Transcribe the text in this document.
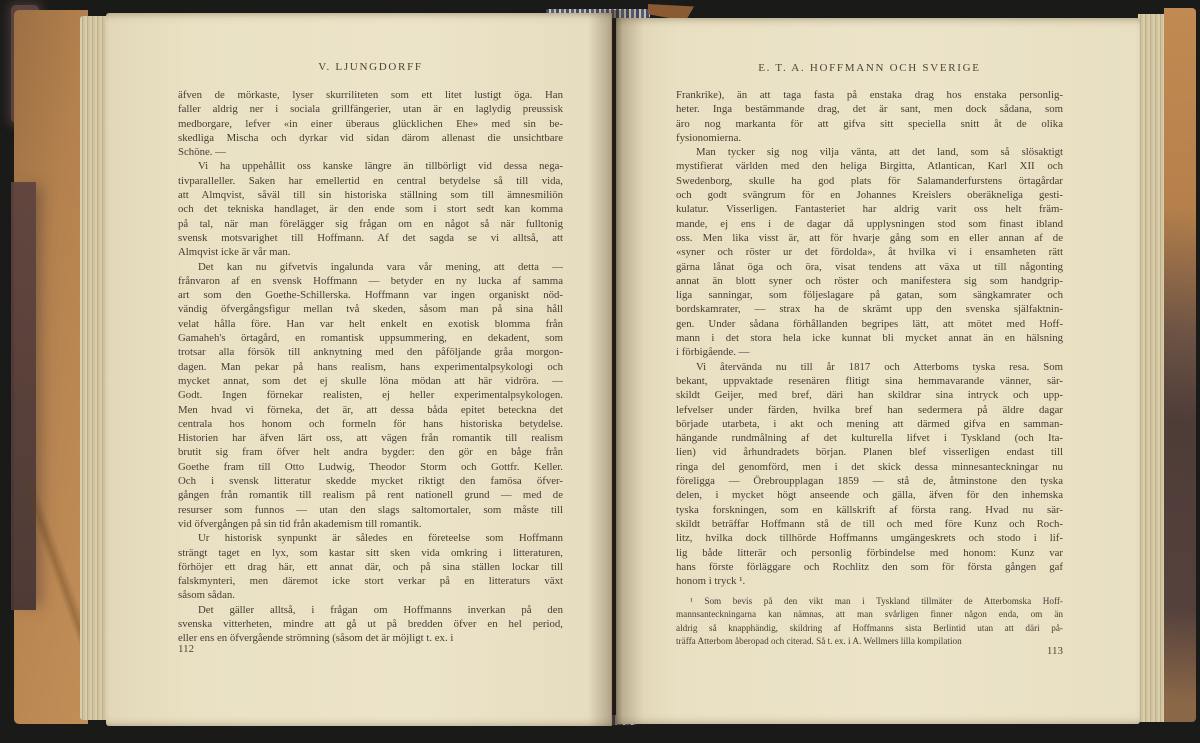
V. LJUNGDORFF
äfven de mörkaste, lyser skurriliteten som ett litet lustigt öga. Han
faller aldrig ner i sociala grillfängerier, utan är en laglydig preussisk
medborgare, lefver «in einer überaus glücklichen Ehe» med sin be-
skedliga Mischa och dyrkar vid sidan därom allenast die unsichtbare
Schöne. —
Vi ha uppehållit oss kanske längre än tillbörligt vid dessa nega-
tivparalleller. Saken har emellertid en central betydelse så till vida,
att Almqvist, såväl till sin historiska ställning som till ämnesmiliön
och det tekniska handlaget, är den ende som i stort sedt kan komma
på tal, när man förelägger sig frågan om en något så när fulltonig
svensk motsvarighet till Hoffmann. Af det sagda se vi alltså, att
Almqvist icke är vår man.
Det kan nu gifvetvis ingalunda vara vår mening, att detta —
frånvaron af en svensk Hoffmann — betyder en ny lucka af samma
art som den Goethe-Schillerska. Hoffmann var ingen organiskt nöd-
vändig öfvergångsfigur mellan två skeden, såsom man på sina håll
velat hålla före. Han var helt enkelt en exotisk blomma från
Gamaheh's örtagård, en romantisk uppsummering, en dekadent, som
trotsar alla försök till anknytning med den påföljande gråa morgon-
dagen. Man pekar på hans realism, hans experimentalpsykologi och
mycket annat, som det ej skulle löna mödan att här vidröra. —
Godt. Ingen förnekar realisten, ej heller experimentalpsykologen.
Men hvad vi förneka, det är, att dessa båda epitet beteckna det
centrala hos honom och formeln för hans historiska betydelse.
Historien har äfven lärt oss, att vägen från romantik till realism
brutit sig fram öfver helt andra bygder: den gör en båge från
Goethe fram till Otto Ludwig, Theodor Storm och Gottfr. Keller.
Och i svensk litteratur skedde mycket riktigt den famösa öfver-
gången från romantik till realism på rent nationell grund — med de
resurser som funnos — utan den slags saltomortaler, som måste till
vid öfvergången på sin tid från akademism till romantik.
Ur historisk synpunkt är således en företeelse som Hoffmann
strängt taget en lyx, som kastar sitt sken vida omkring i litteraturen,
förhöjer ett drag här, ett annat där, och på sina ställen lockar till
falskmynteri, men däremot icke stort verkar på en litteraturs växt
såsom sådan.
Det gäller alltså, i frågan om Hoffmanns inverkan på den
svenska vitterheten, mindre att gå ut på bredden öfver en hel period,
eller ens en öfvergående strömning (såsom det är möjligt t. ex. i
112
E. T. A. HOFFMANN OCH SVERIGE
Frankrike), än att taga fasta på enstaka drag hos enstaka personlig-
heter. Inga bestämmande drag, det är sant, men dock sådana, som
äro nog markanta för att gifva sitt speciella snitt åt de olika
fysionomierna.
Man tycker sig nog vilja vänta, att det land, som så slösaktigt
mystifierat världen med den heliga Birgitta, Atlantican, Karl XII och
Swedenborg, skulle ha god plats för Salamanderfurstens örtagårdar
och godt svängrum för en Johannes Kreislers oberäkneliga gesti-
kulatur. Visserligen. Fantasteriet har aldrig varit oss helt främ-
mande, ej ens i de dagar då upplysningen stod som finast ibland
oss. Men lika visst är, att för hvarje gång som en eller annan af de
«syner och röster ur det fördolda», åt hvilka vi i ensamheten rätt
gärna lånat öga och öra, visat tendens att växa ut till någonting
annat än blott syner och röster och manifestera sig som handgrip-
liga sanningar, som följeslagare på gatan, som sängkamrater och
bordskamrater, — strax ha de skrämt upp den svenska själfaktnin-
gen. Under sådana förhållanden begripes lätt, att mötet med Hoff-
mann i det stora hela icke kunnat bli mycket annat än en hälsning
i förbigående. —
Vi återvända nu till år 1817 och Atterboms tyska resa. Som
bekant, uppvaktade resenären flitigt sina hemmavarande vänner, sär-
skildt Geijer, med bref, däri han skildrar sina intryck och upp-
lefvelser under färden, hvilka bref han sedermera på äldre dagar
började utarbeta, i akt och mening att därmed gifva en samman-
hängande rundmålning af det kulturella lifvet i Tyskland (och Ita-
lien) vid århundradets början. Planen blef visserligen endast till
ringa del genomförd, men i det skick dessa minnesanteckningar nu
föreligga — Örebroupplagan 1859 — stå de, åtminstone den tyska
delen, i mycket högt anseende och gälla, äfven för den inhemska
tyska forskningen, som en källskrift af första rang. Hvad nu sär-
skildt beträffar Hoffmann stå de till och med före Kunz och Roch-
litz, hvilka dock tillhörde Hoffmanns umgängeskrets och stodo i lif-
lig både litterär och personlig förbindelse med honom: Kunz var
hans förste förläggare och Rochlitz den som för första gången gaf
honom i tryck ¹.
¹ Som bevis på den vikt man i Tyskland tillmäter de Atterbomska Hoff-
mannsanteckningarna kan nämnas, att man svårligen finner någon enda, om än
aldrig så knapphändig, skildring af Hoffmanns sista Berlintid utan att däri på-
träffa Atterbom åberopad och citerad. Så t. ex. i A. Wellmers lilla kompilation
113
